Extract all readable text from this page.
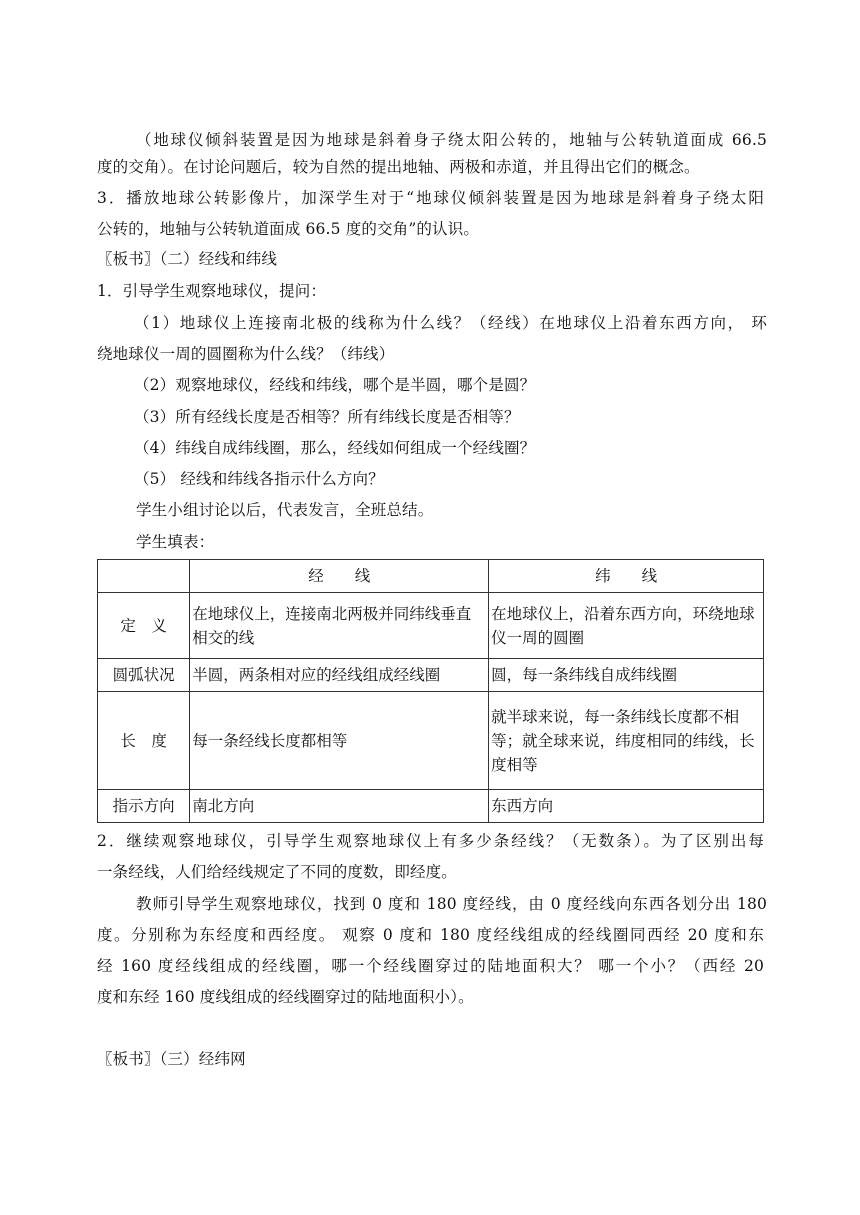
（地球仪倾斜装置是因为地球是斜着身子绕太阳公转的，地轴与公转轨道面成 66.5
度的交角）。在讨论问题后，较为自然的提出地轴、两极和赤道，并且得出它们的概念。
3．播放地球公转影像片，加深学生对于“地球仪倾斜装置是因为地球是斜着身子绕太阳
公转的，地轴与公转轨道面成 66.5 度的交角”的认识。
〖板书〗（二）经线和纬线
1．引导学生观察地球仪，提问：
（1）地球仪上连接南北极的线称为什么线？（经线）在地球仪上沿着东西方向， 环
绕地球仪一周的圆圈称为什么线？（纬线）
（2）观察地球仪，经线和纬线，哪个是半圆，哪个是圆？
（3）所有经线长度是否相等？所有纬线长度是否相等？
（4）纬线自成纬线圈，那么，经线如何组成一个经线圈？
（5） 经线和纬线各指示什么方向？
学生小组讨论以后，代表发言，全班总结。
学生填表：
	经　　线	纬　　线
定　义	在地球仪上，连接南北两极并同纬线垂直相交的线	在地球仪上，沿着东西方向，环绕地球仪一周的圆圈
圆弧状况	半圆，两条相对应的经线组成经线圈	圆，每一条纬线自成纬线圈
长　度	每一条经线长度都相等	就半球来说，每一条纬线长度都不相等；就全球来说，纬度相同的纬线，长度相等
指示方向	南北方向	东西方向
2．继续观察地球仪，引导学生观察地球仪上有多少条经线？（无数条）。为了区别出每
一条经线，人们给经线规定了不同的度数，即经度。
教师引导学生观察地球仪，找到 0 度和 180 度经线，由 0 度经线向东西各划分出 180
度。分别称为东经度和西经度。 观察 0 度和 180 度经线组成的经线圈同西经 20 度和东
经 160 度经线组成的经线圈，哪一个经线圈穿过的陆地面积大？ 哪一个小？（西经 20
度和东经 160 度线组成的经线圈穿过的陆地面积小）。
〖板书〗（三）经纬网
